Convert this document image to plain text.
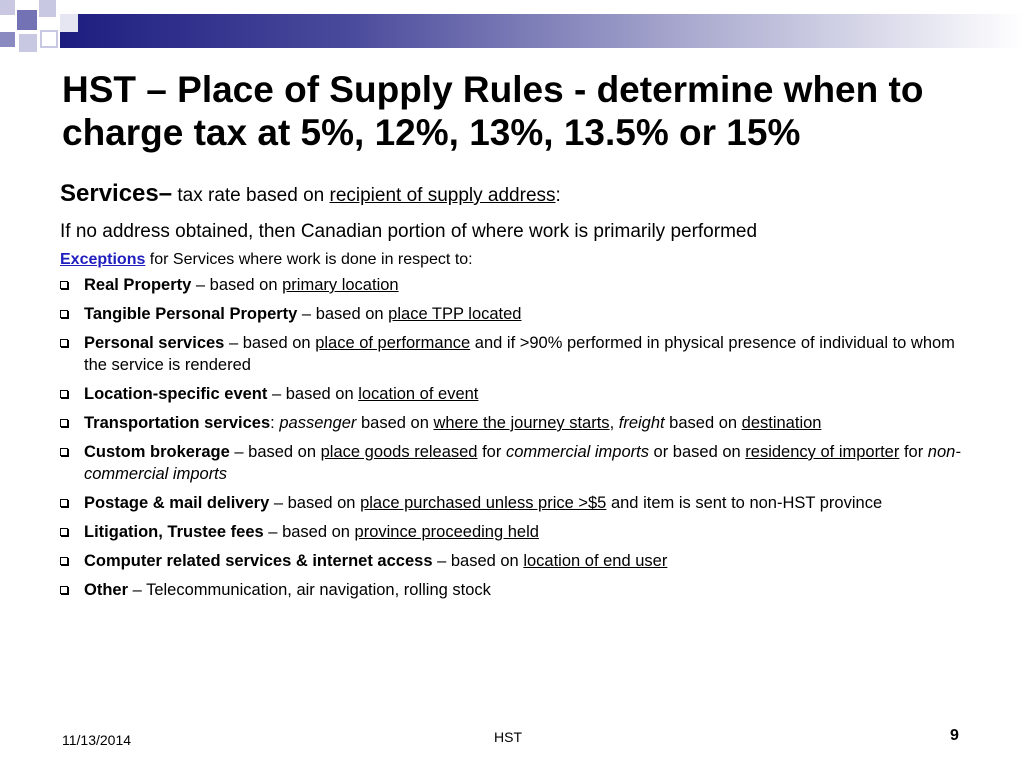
HST – Place of Supply Rules - determine when to charge tax at 5%, 12%, 13%, 13.5% or 15%

Services– tax rate based on recipient of supply address:

If no address obtained, then Canadian portion of where work is primarily performed

Exceptions for Services where work is done in respect to:

Real Property – based on primary location
Tangible Personal Property – based on place TPP located
Personal services – based on place of performance and if >90% performed in physical presence of individual to whom the service is rendered
Location-specific event – based on location of event
Transportation services: passenger based on where the journey starts, freight based on destination
Custom brokerage – based on place goods released for commercial imports or based on residency of importer for non-commercial imports
Postage & mail delivery – based on place purchased unless price >$5 and item is sent to non-HST province
Litigation, Trustee fees – based on province proceeding held
Computer related services & internet access – based on location of end user
Other – Telecommunication, air navigation, rolling stock
11/13/2014	HST	9
